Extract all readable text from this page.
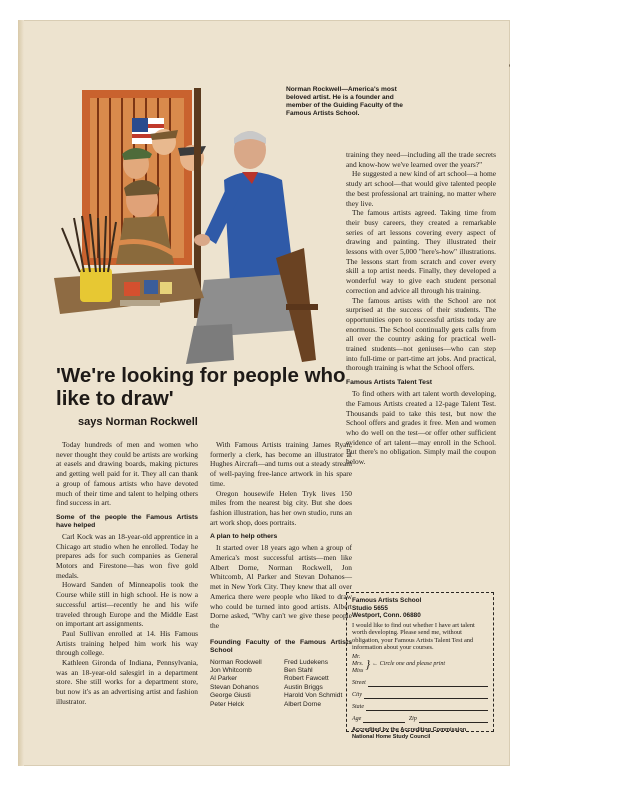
Norman Rockwell—America's most beloved artist. He is a founder and member of the Guiding Faculty of the Famous Artists School.
'We're looking for people who like to draw'
says Norman Rockwell

Today hundreds of men and women who never thought they could be artists are working at easels and drawing boards, making pictures and getting well paid for it. They all can thank a group of famous artists who have devoted much of their time and talent to helping others find success in art.

Some of the people the Famous Artists have helped

Carl Kock was an 18-year-old apprentice in a Chicago art studio when he enrolled. Today he prepares ads for such companies as General Motors and Firestone—has won five gold medals.

Howard Sanden of Minneapolis took the Course while still in high school. He is now a successful artist—recently he and his wife traveled through Europe and the Middle East on important art assignments.

Paul Sullivan enrolled at 14. His Famous Artists training helped him work his way through college.

Kathleen Gironda of Indiana, Pennsylvania, was an 18-year-old salesgirl in a department store. She still works for a department store, but now it's as an advertising artist and fashion illustrator.

With Famous Artists training James Ryan, formerly a clerk, has become an illustrator at Hughes Aircraft—and turns out a steady stream of well-paying free-lance artwork in his spare time.

Oregon housewife Helen Tryk lives 150 miles from the nearest big city. But she does fashion illustration, has her own studio, runs an art work shop, does portraits.

A plan to help others

It started over 18 years ago when a group of America's most successful artists—men like Albert Dorne, Norman Rockwell, Jon Whitcomb, Al Parker and Stevan Dohanos—met in New York City. They knew that all over America there were people who liked to draw who could be turned into good artists. Albert Dorne asked, "Why can't we give these people the

Founding Faculty of the Famous Artists School
Norman Rockwell
Jon Whitcomb
Al Parker
Stevan Dohanos
George Giusti
Peter Helck
Fred Ludekens
Ben Stahl
Robert Fawcett
Austin Briggs
Harold Von Schmidt
Albert Dorne

training they need—including all the trade secrets and know-how we've learned over the years?"

He suggested a new kind of art school—a home study art school—that would give talented people the best professional art training, no matter where they live.

The famous artists agreed. Taking time from their busy careers, they created a remarkable series of art lessons covering every aspect of drawing and painting. They illustrated their lessons with over 5,000 "here's-how" illustrations. The lessons start from scratch and cover every skill a top artist needs. Finally, they developed a wonderful way to give each student personal correction and advice all through his training.

The famous artists with the School are not surprised at the success of their students. The opportunities open to successful artists today are enormous. The School continually gets calls from all over the country asking for practical well-trained students—not geniuses—who can step into full-time or part-time art jobs. And practical, thorough training is what the School offers.

Famous Artists Talent Test

To find others with art talent worth developing, the Famous Artists created a 12-page Talent Test. Thousands paid to take this test, but now the School offers and grades it free. Men and women who do well on the test—or offer other sufficient evidence of art talent—may enroll in the School. But there's no obligation. Simply mail the coupon below.

Famous Artists School
Studio 5655
Westport, Conn. 06880
I would like to find out whether I have art talent worth developing. Please send me, without obligation, your Famous Artists Talent Test and information about your courses.
Mr.
Mrs.
Miss
} ← Circle one and please print
Street
City
State
Age	Zip
Accredited by the Accrediting Commission National Home Study Council
